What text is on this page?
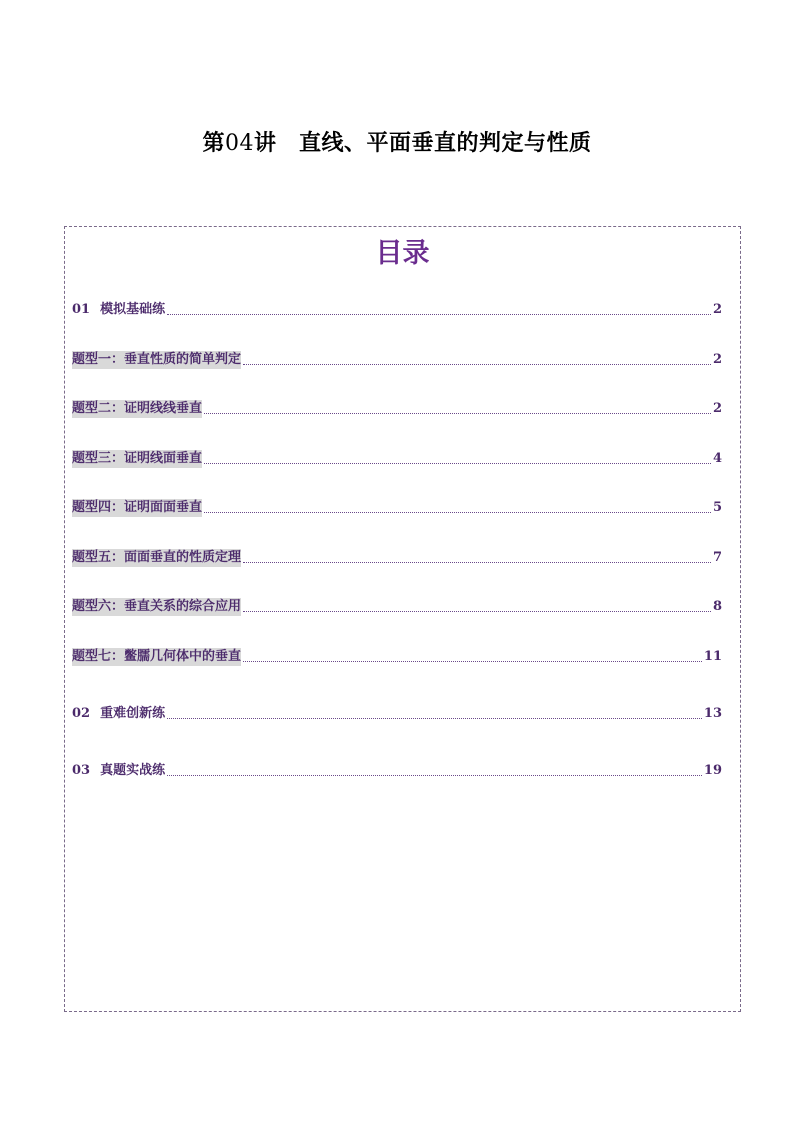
第04讲　直线、平面垂直的判定与性质
目录
01 模拟基础练	2
题型一：垂直性质的简单判定	2
题型二：证明线线垂直	2
题型三：证明线面垂直	4
题型四：证明面面垂直	5
题型五：面面垂直的性质定理	7
题型六：垂直关系的综合应用	8
题型七：鳖臑几何体中的垂直	11
02 重难创新练	13
03 真题实战练	19
